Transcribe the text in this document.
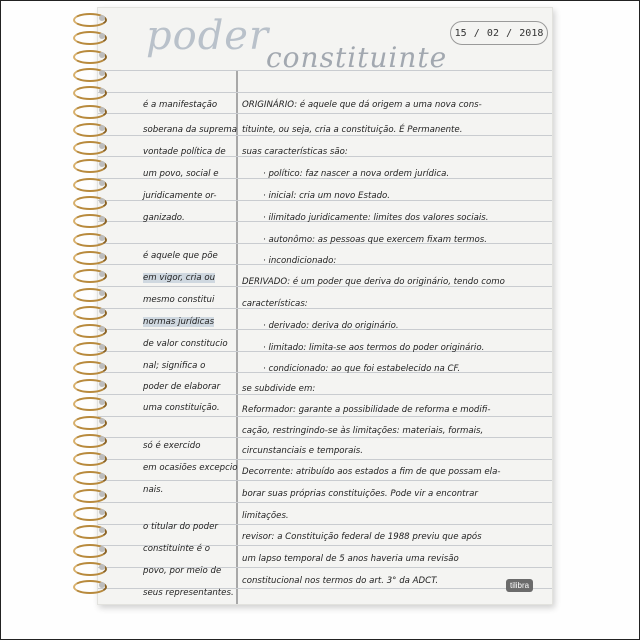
poder
constituinte
15 / 02 / 2018
é a manifestação
soberana da suprema
vontade política de
um povo, social e
juridicamente or-
ganizado.
é aquele que põe
em vigor, cria ou
mesmo constitui
normas jurídicas
de valor constitucio
nal; significa o
poder de elaborar
uma constituição.
só é exercido
em ocasiões excepcio
nais.
o titular do poder
constituinte é o
povo, por meio de
seus representantes.
ORIGINÁRIO: é aquele que dá origem a uma nova cons-
tituinte, ou seja, cria a constituição. É Permanente.
suas características são:
· político: faz nascer a nova ordem jurídica.
· inicial: cria um novo Estado.
· ilimitado juridicamente: limites dos valores sociais.
· autonômo: as pessoas que exercem fixam termos.
· incondicionado:
DERIVADO: é um poder que deriva do originário, tendo como
características:
· derivado: deriva do originário.
· limitado: limita-se aos termos do poder originário.
· condicionado: ao que foi estabelecido na CF.
se subdivide em:
Reformador: garante a possibilidade de reforma e modifi-
cação, restringindo-se às limitações: materiais, formais,
circunstanciais e temporais.
Decorrente: atribuído aos estados a fim de que possam ela-
borar suas próprias constituições. Pode vir a encontrar
limitações.
revisor: a Constituição federal de 1988 previu que após
um lapso temporal de 5 anos haveria uma revisão
constitucional nos termos do art. 3° da ADCT.	tilibra
